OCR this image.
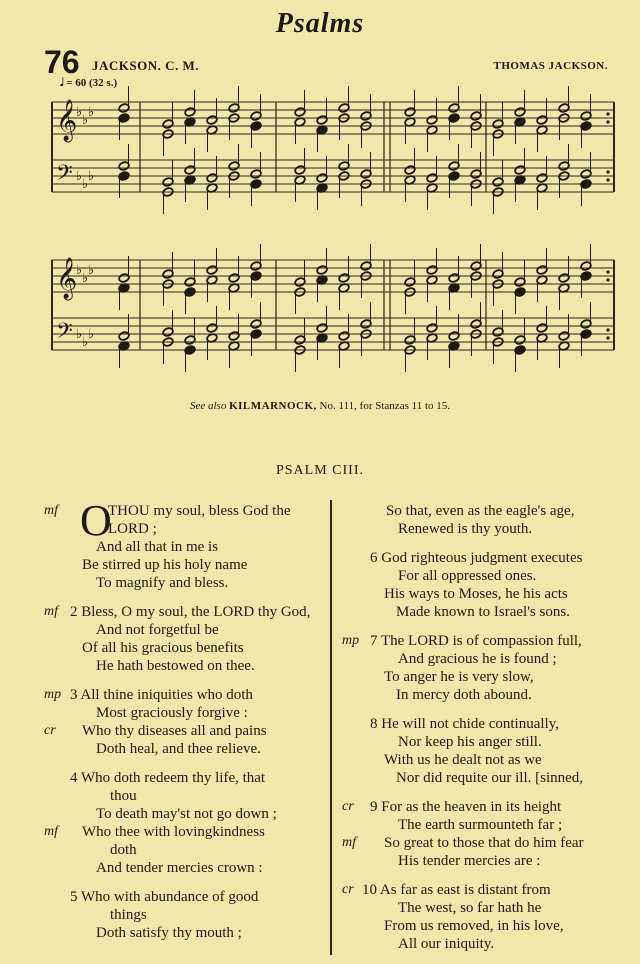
Psalms
76 JACKSON. C. M.	THOMAS JACKSON.
𝅗𝅥 = 60 (32 s.)
𝄞
♭
♭
♭
𝄢 ♭
♭
♭
𝄞
♭
♭
♭
𝄢 ♭
♭
♭
See also KILMARNOCK, No. 111, for Stanzas 11 to 15.
PSALM CIII.
O
THOU my soul, bless God the
mf
LORD ;
And all that in me is
Be stirred up his holy name
To magnify and bless.
2 Bless, O my soul, the LORD thy God,
mf
And not forgetful be
Of all his gracious benefits
He hath bestowed on thee.
3 All thine iniquities who doth
mp
Most graciously forgive :
Who thy diseases all and pains
cr
Doth heal, and thee relieve.
4 Who doth redeem thy life, that
thou
To death may'st not go down ;
Who thee with lovingkindness
mf
doth
And tender mercies crown :
5 Who with abundance of good
things
Doth satisfy thy mouth ;
So that, even as the eagle's age,
Renewed is thy youth.
6 God righteous judgment executes
For all oppressed ones.
His ways to Moses, he his acts
Made known to Israel's sons.
7 The LORD is of compassion full,
mp
And gracious he is found ;
To anger he is very slow,
In mercy doth abound.
8 He will not chide continually,
Nor keep his anger still.
With us he dealt not as we
Nor did requite our ill. [sinned,
9 For as the heaven in its height
cr
The earth surmounteth far ;
So great to those that do him fear
mf
His tender mercies are :
10 As far as east is distant from
cr
The west, so far hath he
From us removed, in his love,
All our iniquity.
